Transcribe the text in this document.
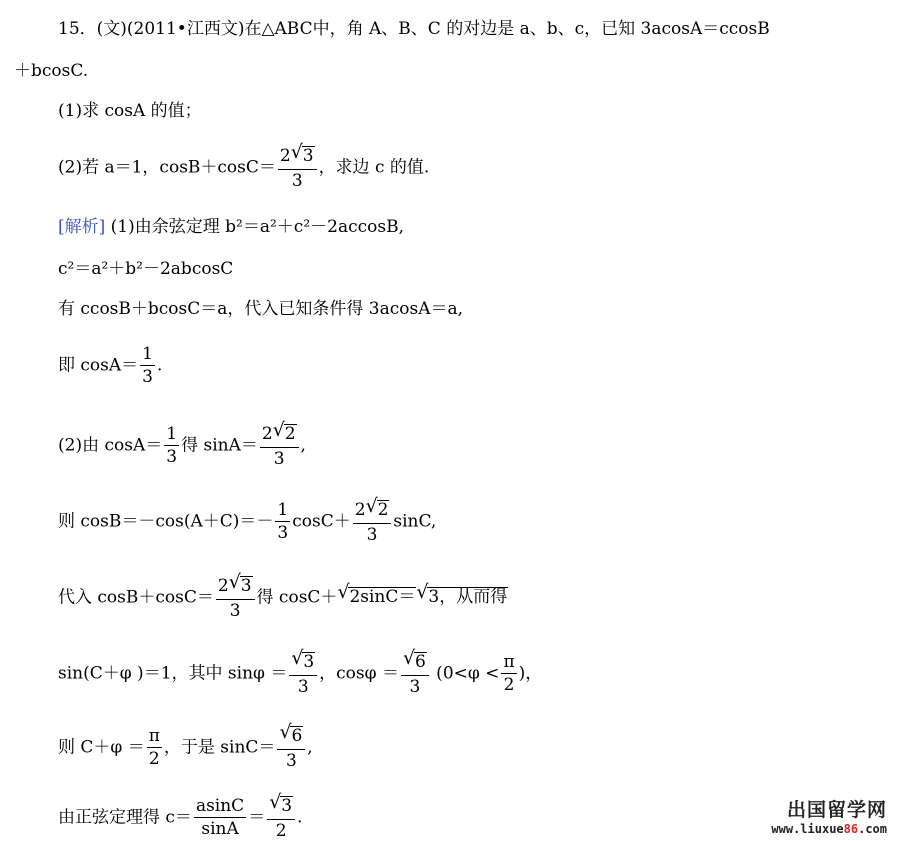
15．(文)(2011•江西文)在△ABC中，角 A、B、C 的对边是 a、b、c，已知 3acosA＝ccosB
＋bcosC.
(1)求 cosA 的值；
(2)若 a＝1，$\cos B+\cos C= \frac{2 √ 3}{3}$ ，求边 c 的值.
[解析] (1)由余弦定理 b²＝a²＋c²－2accosB,
c²＝a²＋b²－2abcosC
有 ccosB＋bcosC＝a，代入已知条件得 3acosA＝a,
即 $\cos A= \frac{1}{3}$ .
(2)由 $\cos A= \frac{1}{3}$ 得 $\sin A= \frac{2 √ 2}{3}$ ,
则 $\cos B=-\cos(A+C)=- \frac{1}{3} \cos C+ \frac{2 √ 2}{3} \sin C$,
代入 $\cos B+\cos C= \frac{2 √ 3}{3}$ 得 cosC＋ √ 2sinC＝ √ 3，从而得
sin(C＋φ )＝1，其中 $\sin\varphi = \frac{√ 3}{3}$ ，$\cos\varphi = \frac{√ 6}{3} (0<\varphi < \frac{\pi}{2}$ )，
则 $C+\varphi = \frac{\pi}{2}$ ，于是 $\sin C= \frac{√ 6}{3}$ ,
由正弦定理得 $c= \frac{asinC}{\sin A} = \frac{√ 3}{2}$ .	出国留学网
www.liuxue86.com
